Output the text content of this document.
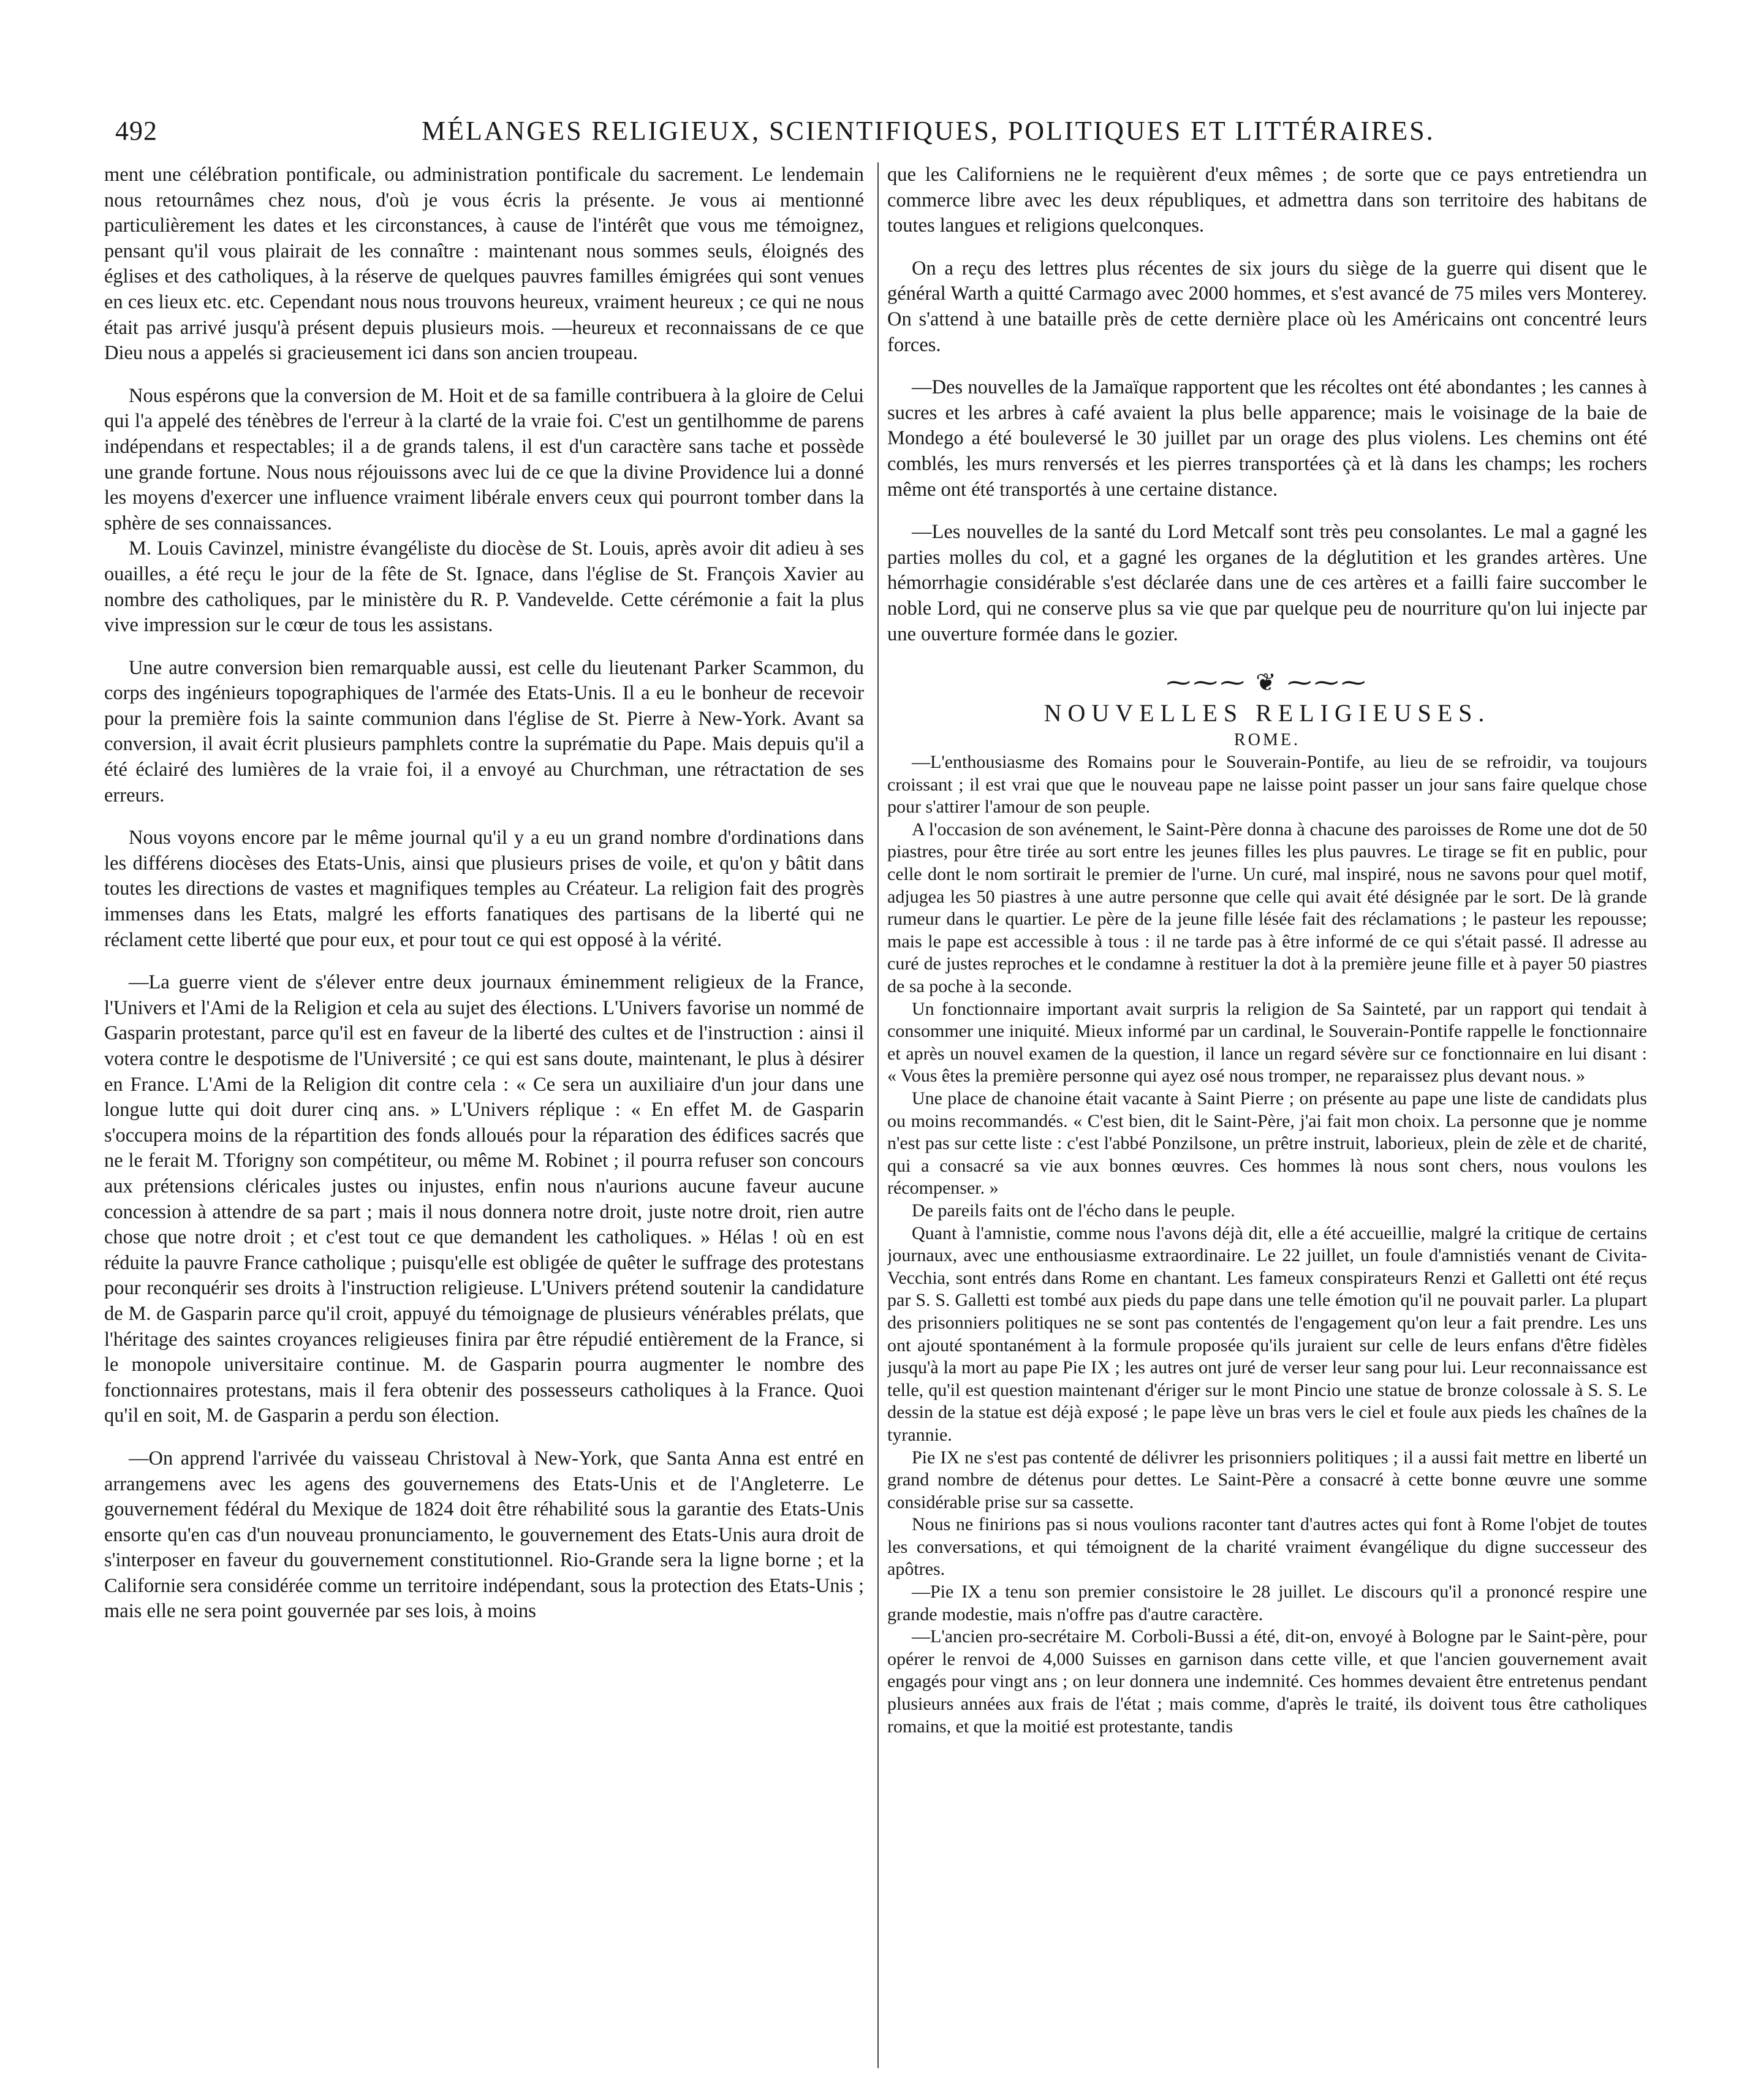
492	MÉLANGES RELIGIEUX, SCIENTIFIQUES, POLITIQUES ET LITTÉRAIRES.

ment une célébration pontificale, ou administration pontificale du sacrement. Le lendemain nous retournâmes chez nous, d'où je vous écris la présente. Je vous ai mentionné particulièrement les dates et les circonstances, à cause de l'intérêt que vous me témoignez, pensant qu'il vous plairait de les connaître : maintenant nous sommes seuls, éloignés des églises et des catholiques, à la réserve de quelques pauvres familles émigrées qui sont venues en ces lieux etc. etc. Cependant nous nous trouvons heureux, vraiment heureux ; ce qui ne nous était pas arrivé jusqu'à présent depuis plusieurs mois. —heureux et reconnaissans de ce que Dieu nous a appelés si gracieusement ici dans son ancien troupeau.

Nous espérons que la conversion de M. Hoit et de sa famille contribuera à la gloire de Celui qui l'a appelé des ténèbres de l'erreur à la clarté de la vraie foi. C'est un gentilhomme de parens indépendans et respectables; il a de grands talens, il est d'un caractère sans tache et possède une grande fortune. Nous nous réjouissons avec lui de ce que la divine Providence lui a donné les moyens d'exercer une influence vraiment libérale envers ceux qui pourront tomber dans la sphère de ses connaissances.

M. Louis Cavinzel, ministre évangéliste du diocèse de St. Louis, après avoir dit adieu à ses ouailles, a été reçu le jour de la fête de St. Ignace, dans l'église de St. François Xavier au nombre des catholiques, par le ministère du R. P. Vandevelde. Cette cérémonie a fait la plus vive impression sur le cœur de tous les assistans.

Une autre conversion bien remarquable aussi, est celle du lieutenant Parker Scammon, du corps des ingénieurs topographiques de l'armée des Etats-Unis. Il a eu le bonheur de recevoir pour la première fois la sainte communion dans l'église de St. Pierre à New-York. Avant sa conversion, il avait écrit plusieurs pamphlets contre la suprématie du Pape. Mais depuis qu'il a été éclairé des lumières de la vraie foi, il a envoyé au Churchman, une rétractation de ses erreurs.

Nous voyons encore par le même journal qu'il y a eu un grand nombre d'ordinations dans les différens diocèses des Etats-Unis, ainsi que plusieurs prises de voile, et qu'on y bâtit dans toutes les directions de vastes et magnifiques temples au Créateur. La religion fait des progrès immenses dans les Etats, malgré les efforts fanatiques des partisans de la liberté qui ne réclament cette liberté que pour eux, et pour tout ce qui est opposé à la vérité.

—La guerre vient de s'élever entre deux journaux éminemment religieux de la France, l'Univers et l'Ami de la Religion et cela au sujet des élections. L'Univers favorise un nommé de Gasparin protestant, parce qu'il est en faveur de la liberté des cultes et de l'instruction : ainsi il votera contre le despotisme de l'Université ; ce qui est sans doute, maintenant, le plus à désirer en France. L'Ami de la Religion dit contre cela : « Ce sera un auxiliaire d'un jour dans une longue lutte qui doit durer cinq ans. » L'Univers réplique : « En effet M. de Gasparin s'occupera moins de la répartition des fonds alloués pour la réparation des édifices sacrés que ne le ferait M. Tforigny son compétiteur, ou même M. Robinet ; il pourra refuser son concours aux prétensions cléricales justes ou injustes, enfin nous n'aurions aucune faveur aucune concession à attendre de sa part ; mais il nous donnera notre droit, juste notre droit, rien autre chose que notre droit ; et c'est tout ce que demandent les catholiques. » Hélas ! où en est réduite la pauvre France catholique ; puisqu'elle est obligée de quêter le suffrage des protestans pour reconquérir ses droits à l'instruction religieuse. L'Univers prétend soutenir la candidature de M. de Gasparin parce qu'il croit, appuyé du témoignage de plusieurs vénérables prélats, que l'héritage des saintes croyances religieuses finira par être répudié entièrement de la France, si le monopole universitaire continue. M. de Gasparin pourra augmenter le nombre des fonctionnaires protestans, mais il fera obtenir des possesseurs catholiques à la France. Quoi qu'il en soit, M. de Gasparin a perdu son élection.

—On apprend l'arrivée du vaisseau Christoval à New-York, que Santa Anna est entré en arrangemens avec les agens des gouvernemens des Etats-Unis et de l'Angleterre. Le gouvernement fédéral du Mexique de 1824 doit être réhabilité sous la garantie des Etats-Unis ensorte qu'en cas d'un nouveau pronunciamento, le gouvernement des Etats-Unis aura droit de s'interposer en faveur du gouvernement constitutionnel. Rio-Grande sera la ligne borne ; et la Californie sera considérée comme un territoire indépendant, sous la protection des Etats-Unis ; mais elle ne sera point gouvernée par ses lois, à moins

que les Californiens ne le requièrent d'eux mêmes ; de sorte que ce pays entretiendra un commerce libre avec les deux républiques, et admettra dans son territoire des habitans de toutes langues et religions quelconques.

On a reçu des lettres plus récentes de six jours du siège de la guerre qui disent que le général Warth a quitté Carmago avec 2000 hommes, et s'est avancé de 75 miles vers Monterey. On s'attend à une bataille près de cette dernière place où les Américains ont concentré leurs forces.

—Des nouvelles de la Jamaïque rapportent que les récoltes ont été abondantes ; les cannes à sucres et les arbres à café avaient la plus belle apparence; mais le voisinage de la baie de Mondego a été bouleversé le 30 juillet par un orage des plus violens. Les chemins ont été comblés, les murs renversés et les pierres transportées çà et là dans les champs; les rochers même ont été transportés à une certaine distance.

—Les nouvelles de la santé du Lord Metcalf sont très peu consolantes. Le mal a gagné les parties molles du col, et a gagné les organes de la déglutition et les grandes artères. Une hémorrhagie considérable s'est déclarée dans une de ces artères et a failli faire succomber le noble Lord, qui ne conserve plus sa vie que par quelque peu de nourriture qu'on lui injecte par une ouverture formée dans le gozier.

⁓⁓⁓ ❦ ⁓⁓⁓
NOUVELLES RELIGIEUSES.
ROME.

—L'enthousiasme des Romains pour le Souverain-Pontife, au lieu de se refroidir, va toujours croissant ; il est vrai que que le nouveau pape ne laisse point passer un jour sans faire quelque chose pour s'attirer l'amour de son peuple.

A l'occasion de son avénement, le Saint-Père donna à chacune des paroisses de Rome une dot de 50 piastres, pour être tirée au sort entre les jeunes filles les plus pauvres. Le tirage se fit en public, pour celle dont le nom sortirait le premier de l'urne. Un curé, mal inspiré, nous ne savons pour quel motif, adjugea les 50 piastres à une autre personne que celle qui avait été désignée par le sort. De là grande rumeur dans le quartier. Le père de la jeune fille lésée fait des réclamations ; le pasteur les repousse; mais le pape est accessible à tous : il ne tarde pas à être informé de ce qui s'était passé. Il adresse au curé de justes reproches et le condamne à restituer la dot à la première jeune fille et à payer 50 piastres de sa poche à la seconde.

Un fonctionnaire important avait surpris la religion de Sa Sainteté, par un rapport qui tendait à consommer une iniquité. Mieux informé par un cardinal, le Souverain-Pontife rappelle le fonctionnaire et après un nouvel examen de la question, il lance un regard sévère sur ce fonctionnaire en lui disant : « Vous êtes la première personne qui ayez osé nous tromper, ne reparaissez plus devant nous. »

Une place de chanoine était vacante à Saint Pierre ; on présente au pape une liste de candidats plus ou moins recommandés. « C'est bien, dit le Saint-Père, j'ai fait mon choix. La personne que je nomme n'est pas sur cette liste : c'est l'abbé Ponzilsone, un prêtre instruit, laborieux, plein de zèle et de charité, qui a consacré sa vie aux bonnes œuvres. Ces hommes là nous sont chers, nous voulons les récompenser. »

De pareils faits ont de l'écho dans le peuple.

Quant à l'amnistie, comme nous l'avons déjà dit, elle a été accueillie, malgré la critique de certains journaux, avec une enthousiasme extraordinaire. Le 22 juillet, un foule d'amnistiés venant de Civita-Vecchia, sont entrés dans Rome en chantant. Les fameux conspirateurs Renzi et Galletti ont été reçus par S. S. Galletti est tombé aux pieds du pape dans une telle émotion qu'il ne pouvait parler. La plupart des prisonniers politiques ne se sont pas contentés de l'engagement qu'on leur a fait prendre. Les uns ont ajouté spontanément à la formule proposée qu'ils juraient sur celle de leurs enfans d'être fidèles jusqu'à la mort au pape Pie IX ; les autres ont juré de verser leur sang pour lui. Leur reconnaissance est telle, qu'il est question maintenant d'ériger sur le mont Pincio une statue de bronze colossale à S. S. Le dessin de la statue est déjà exposé ; le pape lève un bras vers le ciel et foule aux pieds les chaînes de la tyrannie.

Pie IX ne s'est pas contenté de délivrer les prisonniers politiques ; il a aussi fait mettre en liberté un grand nombre de détenus pour dettes. Le Saint-Père a consacré à cette bonne œuvre une somme considérable prise sur sa cassette.

Nous ne finirions pas si nous voulions raconter tant d'autres actes qui font à Rome l'objet de toutes les conversations, et qui témoignent de la charité vraiment évangélique du digne successeur des apôtres.

—Pie IX a tenu son premier consistoire le 28 juillet. Le discours qu'il a prononcé respire une grande modestie, mais n'offre pas d'autre caractère.

—L'ancien pro-secrétaire M. Corboli-Bussi a été, dit-on, envoyé à Bologne par le Saint-père, pour opérer le renvoi de 4,000 Suisses en garnison dans cette ville, et que l'ancien gouvernement avait engagés pour vingt ans ; on leur donnera une indemnité. Ces hommes devaient être entretenus pendant plusieurs années aux frais de l'état ; mais comme, d'après le traité, ils doivent tous être catholiques romains, et que la moitié est protestante, tandis
